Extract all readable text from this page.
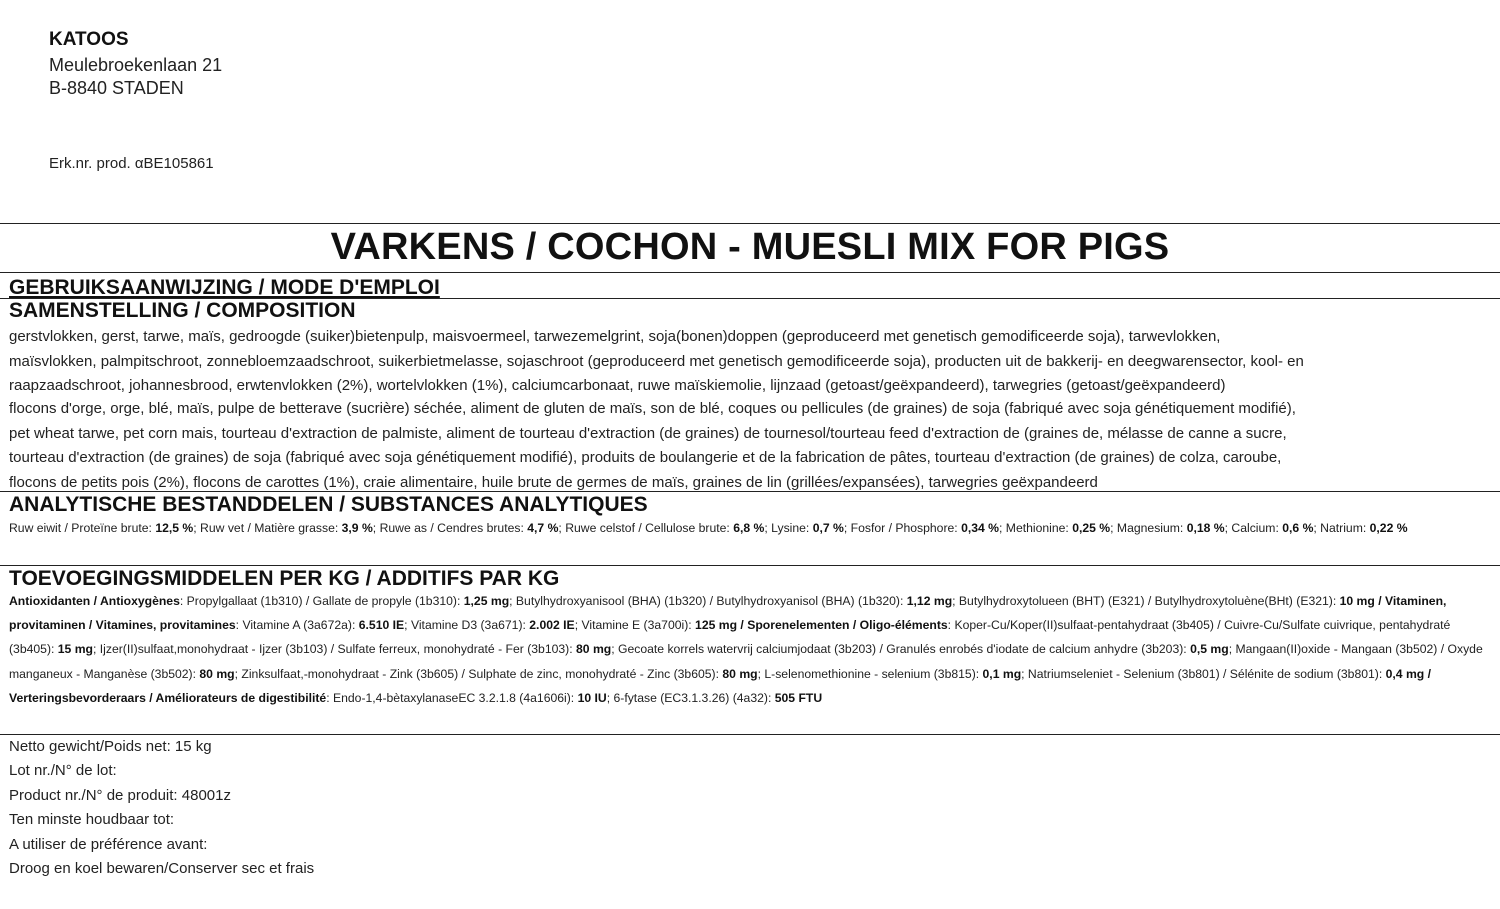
KATOOS
Meulebroekenlaan 21
B-8840 STADEN
Erk.nr. prod. αBE105861
VARKENS / COCHON - MUESLI MIX FOR PIGS
GEBRUIKSAANWIJZING / MODE D'EMPLOI
SAMENSTELLING / COMPOSITION
gerstvlokken, gerst, tarwe, maïs, gedroogde (suiker)bietenpulp, maisvoermeel, tarwezemelgrint, soja(bonen)doppen (geproduceerd met genetisch gemodificeerde soja), tarwevlokken,
maïsvlokken, palmpitschroot, zonnebloemzaadschroot, suikerbietmelasse, sojaschroot (geproduceerd met genetisch gemodificeerde soja), producten uit de bakkerij- en deegwarensector, kool- en
raapzaadschroot, johannesbrood, erwtenvlokken (2%), wortelvlokken (1%), calciumcarbonaat, ruwe maïskiemolie, lijnzaad (getoast/geëxpandeerd), tarwegries (getoast/geëxpandeerd)
flocons d'orge, orge, blé, maïs, pulpe de betterave (sucrière) séchée, aliment de gluten de maïs, son de blé, coques ou pellicules (de graines) de soja (fabriqué avec soja génétiquement modifié),
pet wheat tarwe, pet corn mais, tourteau d'extraction de palmiste, aliment de tourteau d'extraction (de graines) de tournesol/tourteau feed d'extraction de (graines de, mélasse de canne a sucre,
tourteau d'extraction (de graines) de soja (fabriqué avec soja génétiquement modifié), produits de boulangerie et de la fabrication de pâtes, tourteau d'extraction (de graines) de colza, caroube,
flocons de petits pois (2%), flocons de carottes (1%), craie alimentaire, huile brute de germes de maïs, graines de lin (grillées/expansées), tarwegries geëxpandeerd
ANALYTISCHE BESTANDDELEN / SUBSTANCES ANALYTIQUES
Ruw eiwit / Proteïne brute: 12,5 %; Ruw vet / Matière grasse: 3,9 %; Ruwe as / Cendres brutes: 4,7 %; Ruwe celstof / Cellulose brute: 6,8 %; Lysine: 0,7 %; Fosfor / Phosphore: 0,34 %; Methionine: 0,25 %; Magnesium: 0,18 %; Calcium: 0,6 %; Natrium: 0,22 %
TOEVOEGINGSMIDDELEN PER KG / ADDITIFS PAR KG
Antioxidanten / Antioxygènes: Propylgallaat (1b310) / Gallate de propyle (1b310): 1,25 mg; Butylhydroxyanisool (BHA) (1b320) / Butylhydroxyanisol (BHA) (1b320): 1,12 mg; Butylhydroxytolueen (BHT) (E321) / Butylhydroxytoluène(BHt) (E321): 10 mg / Vitaminen, provitaminen / Vitamines, provitamines: Vitamine A (3a672a): 6.510 IE; Vitamine D3 (3a671): 2.002 IE; Vitamine E (3a700i): 125 mg / Sporenelementen / Oligo-éléments: Koper-Cu/Koper(II)sulfaat-pentahydraat (3b405) / Cuivre-Cu/Sulfate cuivrique, pentahydraté (3b405): 15 mg; Ijzer(II)sulfaat,monohydraat - Ijzer (3b103) / Sulfate ferreux, monohydraté - Fer (3b103): 80 mg; Gecoate korrels watervrij calciumjodaat (3b203) / Granulés enrobés d'iodate de calcium anhydre (3b203): 0,5 mg; Mangaan(II)oxide - Mangaan (3b502) / Oxyde manganeux - Manganèse (3b502): 80 mg; Zinksulfaat,-monohydraat - Zink (3b605) / Sulphate de zinc, monohydraté - Zinc (3b605): 80 mg; L-selenomethionine - selenium (3b815): 0,1 mg; Natriumseleniet - Selenium (3b801) / Sélénite de sodium (3b801): 0,4 mg / Verteringsbevorderaars / Améliorateurs de digestibilité: Endo-1,4-bètaxylanaseEC 3.2.1.8 (4a1606i): 10 IU; 6-fytase (EC3.1.3.26) (4a32): 505 FTU
Netto gewicht/Poids net: 15 kg
Lot nr./N° de lot:
Product nr./N° de produit: 48001z
Ten minste houdbaar tot:
A utiliser de préférence avant:
Droog en koel bewaren/Conserver sec et frais
